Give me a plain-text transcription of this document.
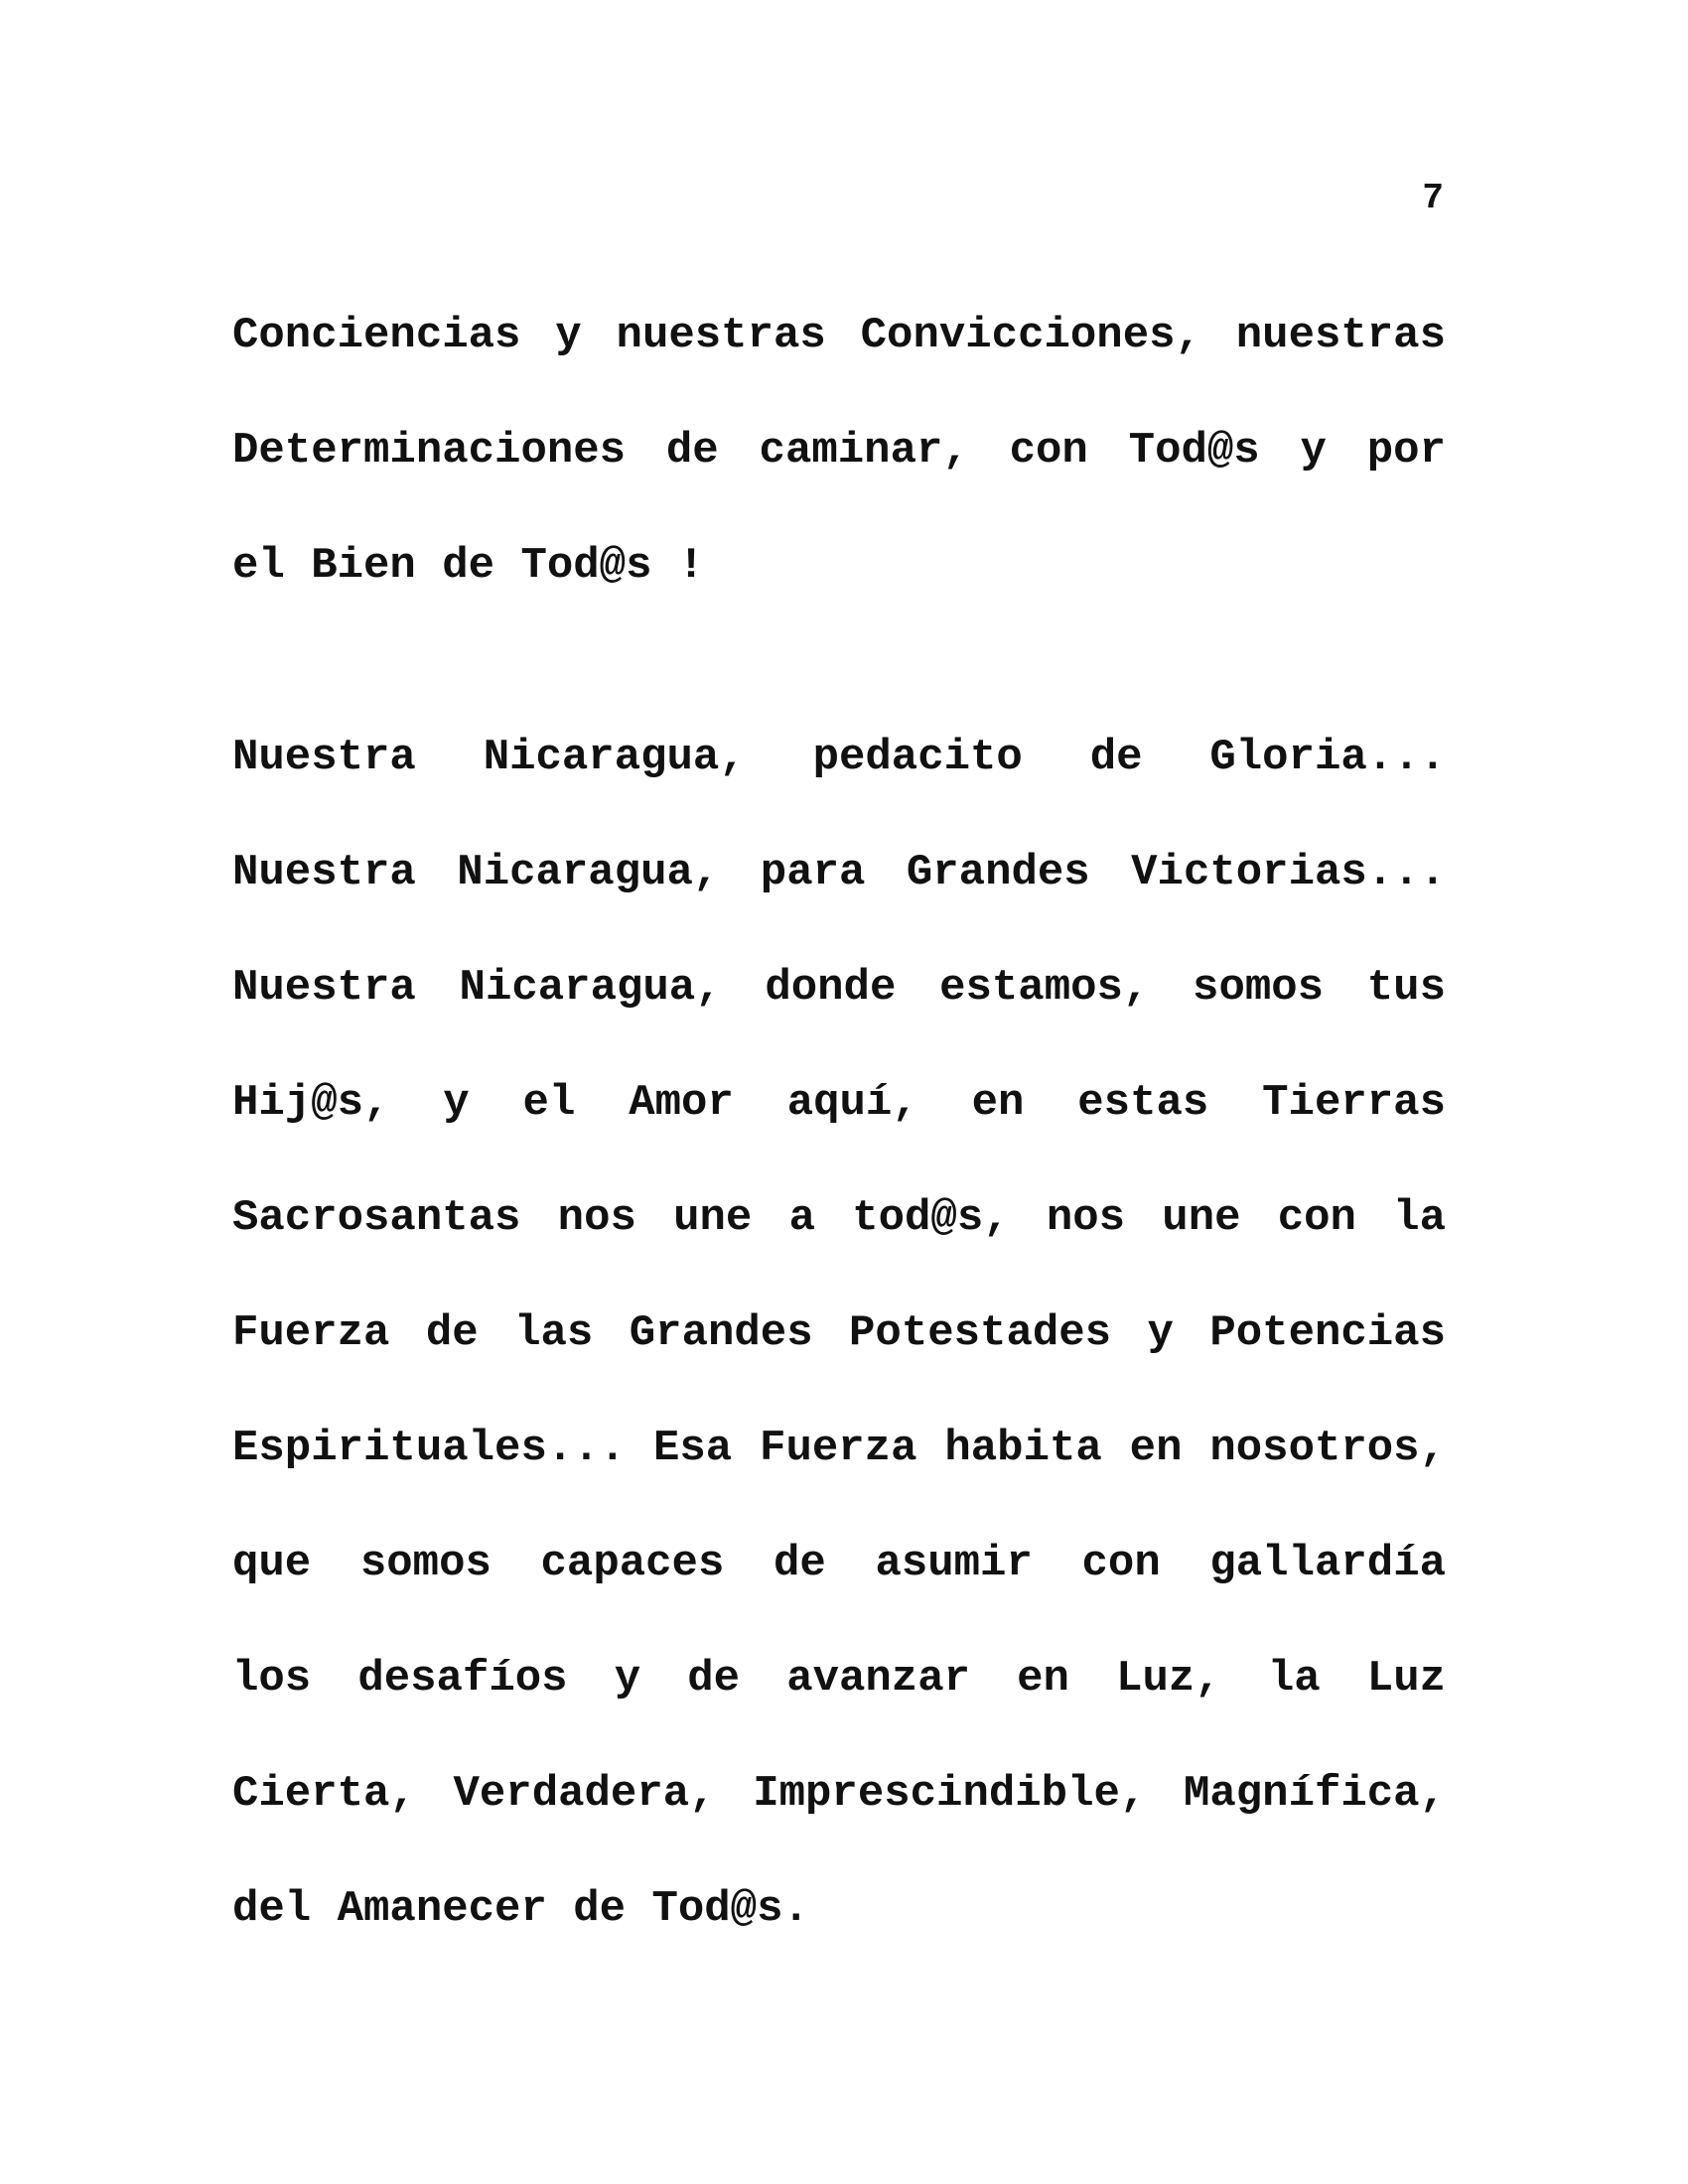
7
Conciencias y nuestras Convicciones, nuestras
Determinaciones de caminar, con Tod@s y por
el Bien de Tod@s !
Nuestra Nicaragua, pedacito de Gloria...
Nuestra Nicaragua, para Grandes Victorias...
Nuestra Nicaragua, donde estamos, somos tus
Hij@s, y el Amor aquí, en estas Tierras
Sacrosantas nos une a tod@s, nos une con la
Fuerza de las Grandes Potestades y Potencias
Espirituales... Esa Fuerza habita en nosotros,
que somos capaces de asumir con gallardía
los desafíos y de avanzar en Luz, la Luz
Cierta, Verdadera, Imprescindible, Magnífica,
del Amanecer de Tod@s.
